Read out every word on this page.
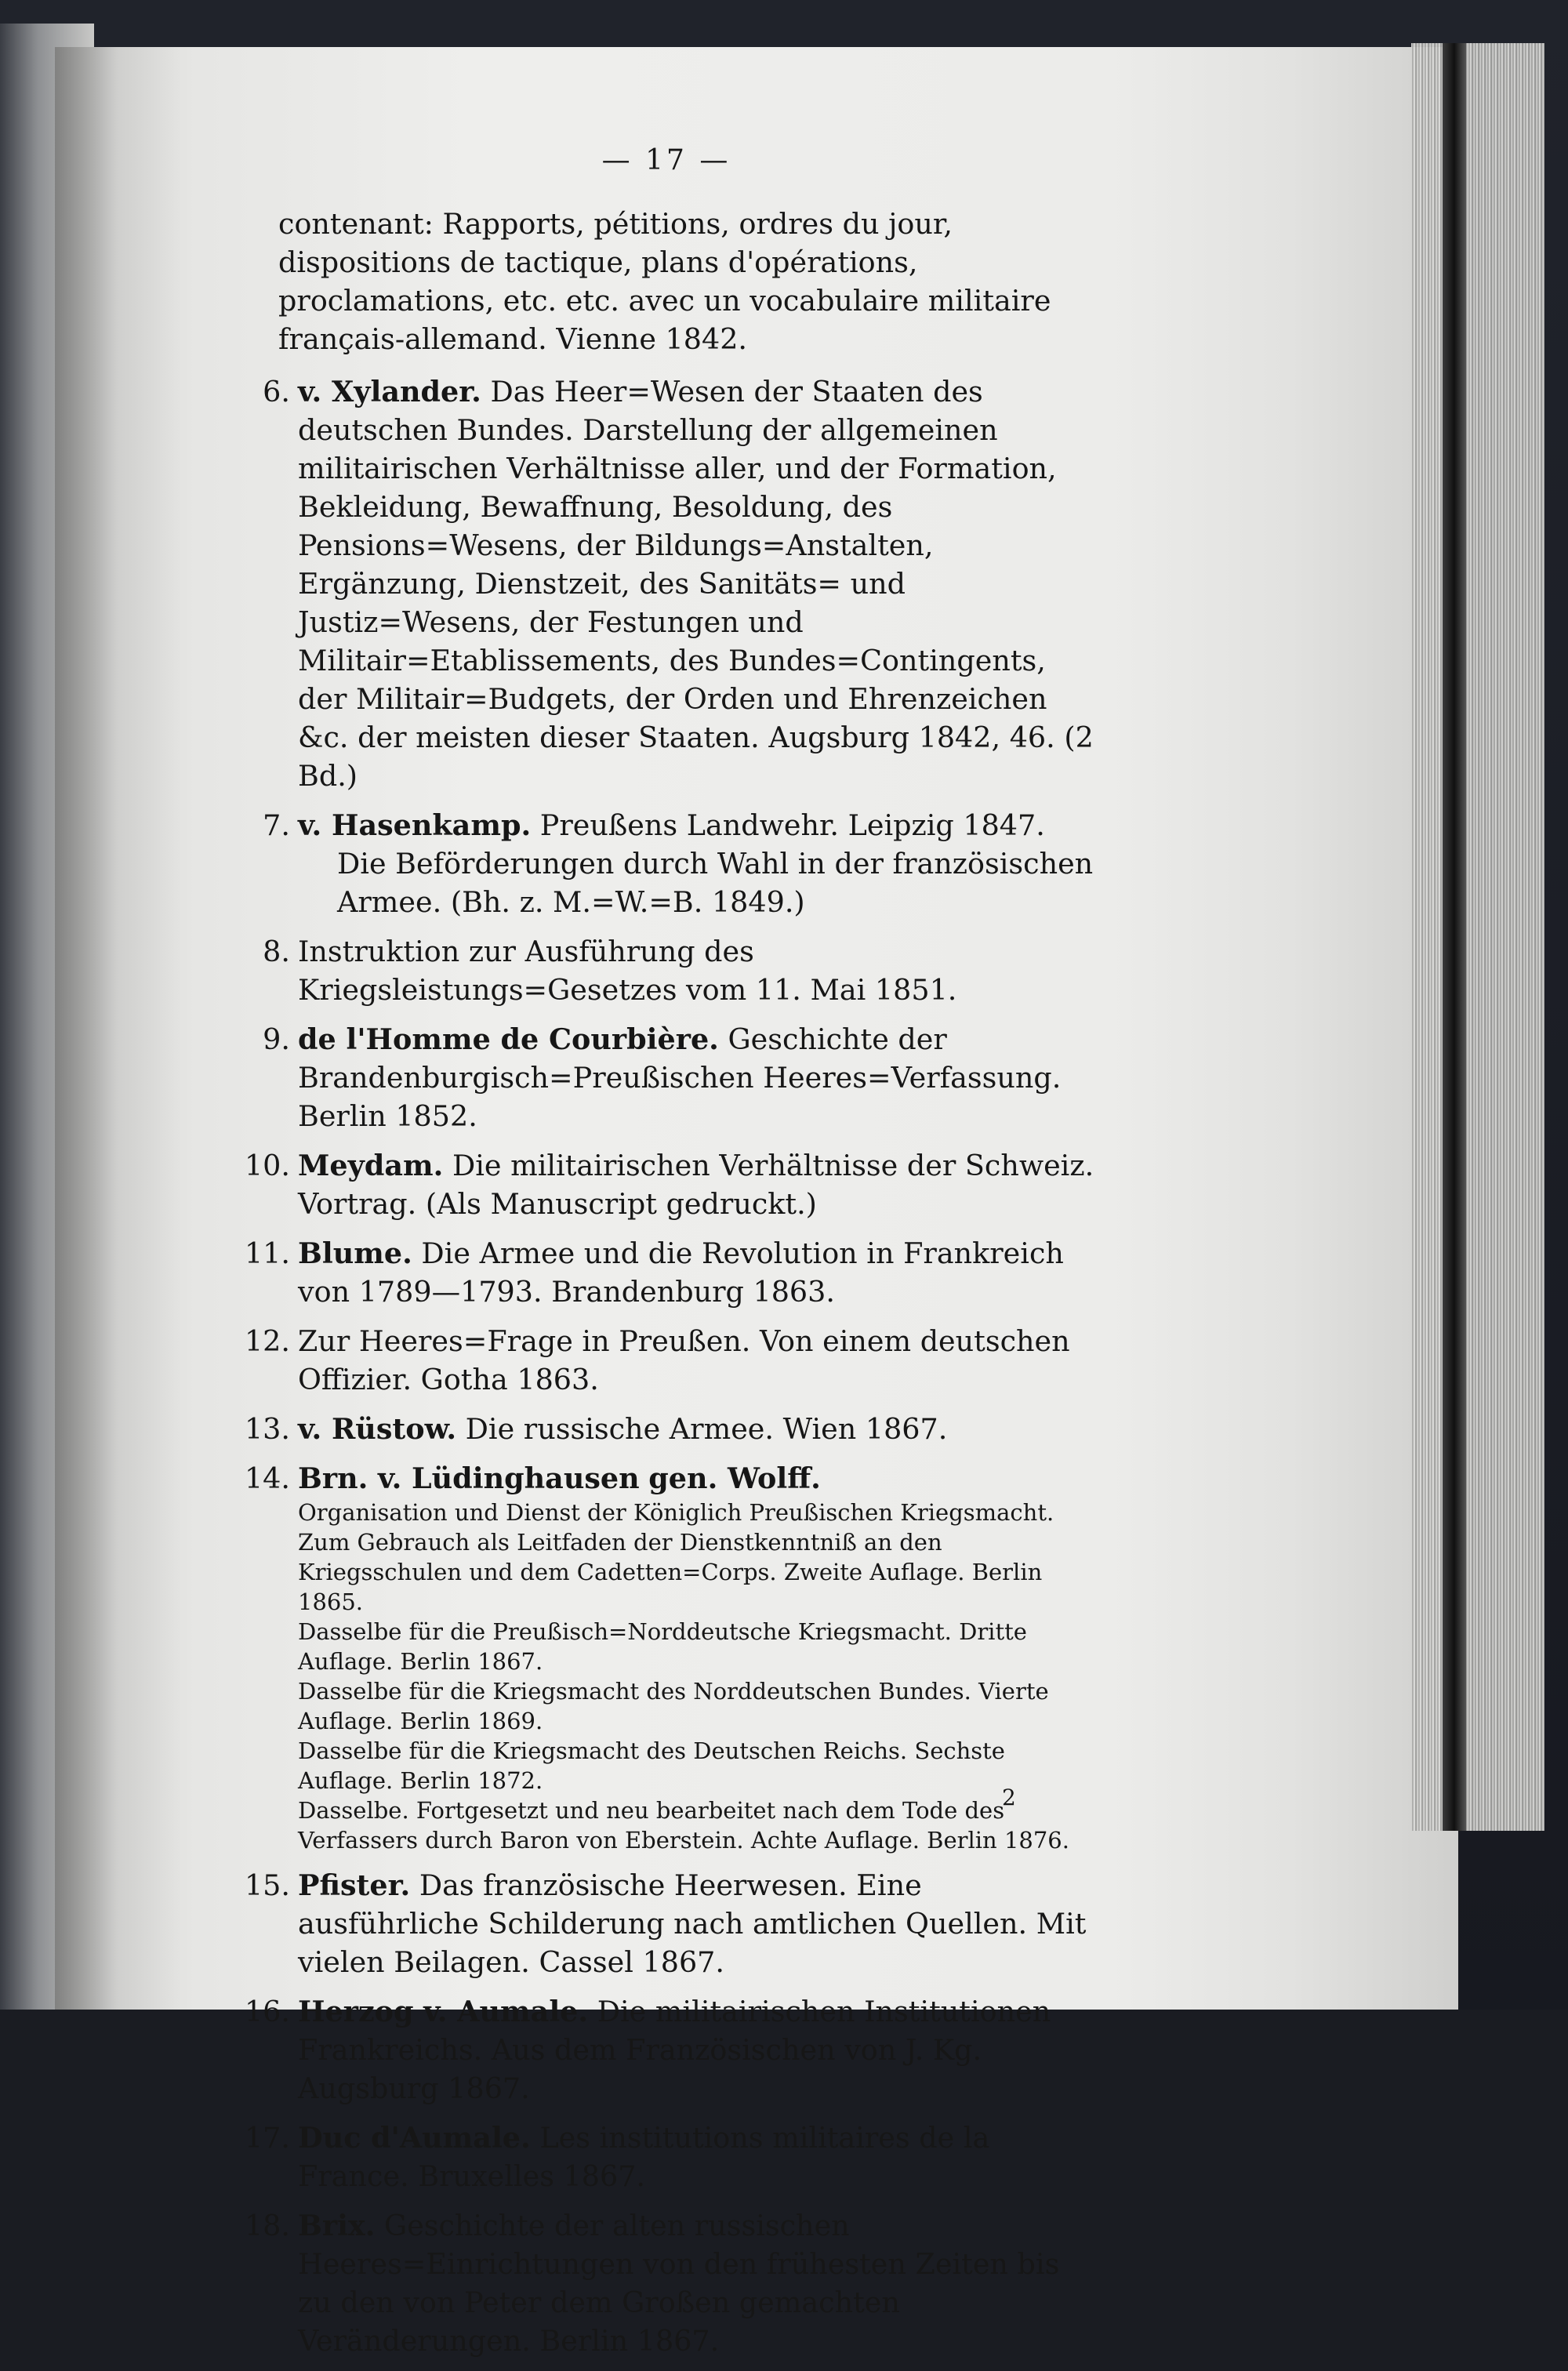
— 17 —
contenant: Rapports, pétitions, ordres du jour, dispositions de tactique, plans d'opérations, proclamations, etc. etc. avec un vocabulaire militaire français-allemand. Vienne 1842.
6. v. Xylander. Das Heer=Wesen der Staaten des deutschen Bundes. Darstellung der allgemeinen militairischen Verhältnisse aller, und der Formation, Bekleidung, Bewaffnung, Besoldung, des Pensions=Wesens, der Bildungs=Anstalten, Ergänzung, Dienstzeit, des Sanitäts= und Justiz=Wesens, der Festungen und Militair=Etablissements, des Bundes=Contingents, der Militair=Budgets, der Orden und Ehrenzeichen &c. der meisten dieser Staaten. Augsburg 1842, 46. (2 Bd.)
7. v. Hasenkamp. Preußens Landwehr. Leipzig 1847.
Die Beförderungen durch Wahl in der französischen Armee. (Bh. z. M.=W.=B. 1849.)
8. Instruktion zur Ausführung des Kriegsleistungs=Gesetzes vom 11. Mai 1851.
9. de l'Homme de Courbière. Geschichte der Brandenburgisch=Preußischen Heeres=Verfassung. Berlin 1852.
10. Meydam. Die militairischen Verhältnisse der Schweiz. Vortrag. (Als Manuscript gedruckt.)
11. Blume. Die Armee und die Revolution in Frankreich von 1789—1793. Brandenburg 1863.
12. Zur Heeres=Frage in Preußen. Von einem deutschen Offizier. Gotha 1863.
13. v. Rüstow. Die russische Armee. Wien 1867.
14. Brn. v. Lüdinghausen gen. Wolff.
Organisation und Dienst der Königlich Preußischen Kriegsmacht. Zum Gebrauch als Leitfaden der Dienstkenntniß an den Kriegsschulen und dem Cadetten=Corps. Zweite Auflage. Berlin 1865.
Dasselbe für die Preußisch=Norddeutsche Kriegsmacht. Dritte Auflage. Berlin 1867.
Dasselbe für die Kriegsmacht des Norddeutschen Bundes. Vierte Auflage. Berlin 1869.
Dasselbe für die Kriegsmacht des Deutschen Reichs. Sechste Auflage. Berlin 1872.
Dasselbe. Fortgesetzt und neu bearbeitet nach dem Tode des Verfassers durch Baron von Eberstein. Achte Auflage. Berlin 1876.
15. Pfister. Das französische Heerwesen. Eine ausführliche Schilderung nach amtlichen Quellen. Mit vielen Beilagen. Cassel 1867.
16. Herzog v. Aumale. Die militairischen Institutionen Frankreichs. Aus dem Französischen von J. Kg. Augsburg 1867.
17. Duc d'Aumale. Les institutions militaires de la France. Bruxelles 1867.
18. Brix. Geschichte der alten russischen Heeres=Einrichtungen von den frühesten Zeiten bis zu den von Peter dem Großen gemachten Veränderungen. Berlin 1867.
2
